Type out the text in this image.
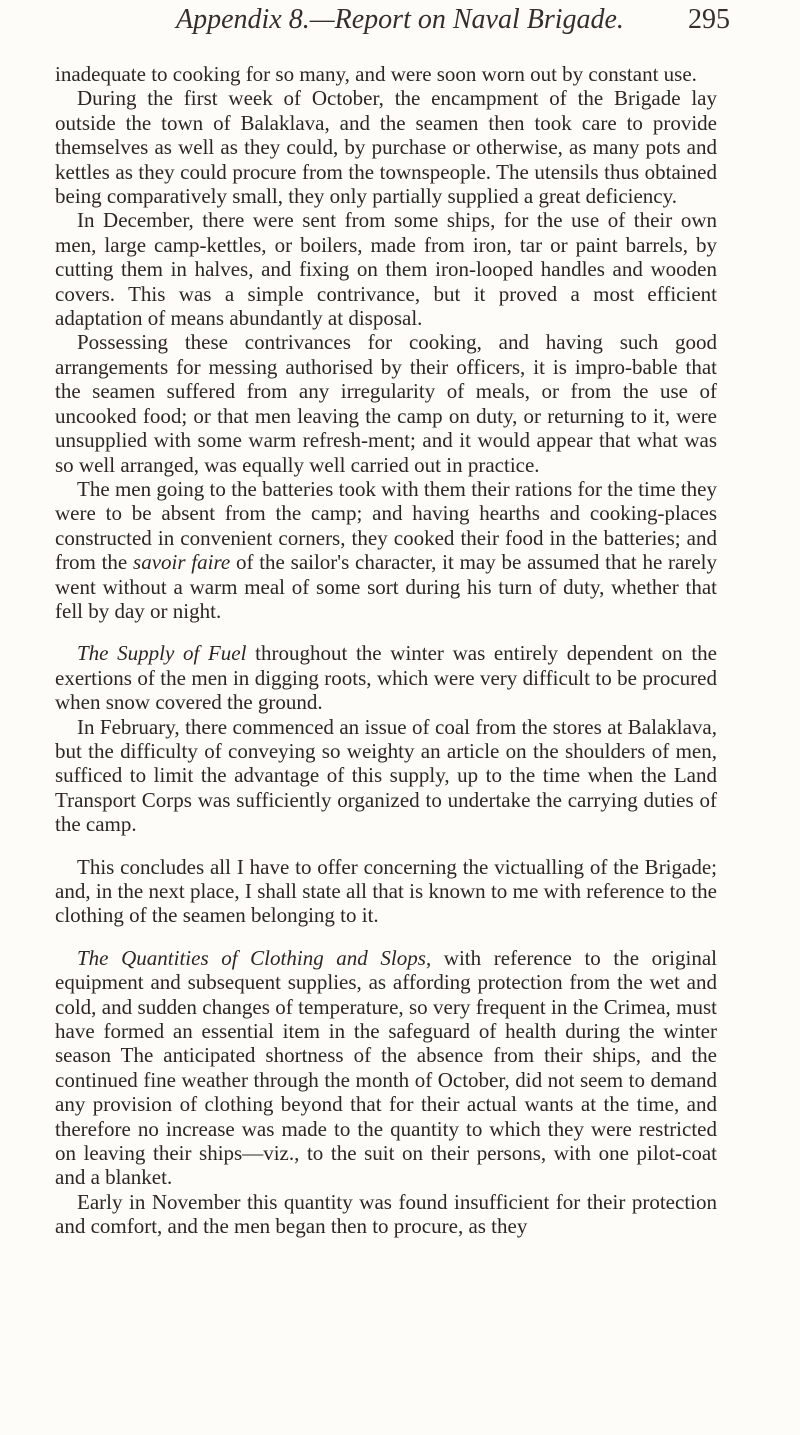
Appendix 8.—Report on Naval Brigade. 295

inadequate to cooking for so many, and were soon worn out by constant use.

During the first week of October, the encampment of the Brigade lay outside the town of Balaklava, and the seamen then took care to provide themselves as well as they could, by purchase or otherwise, as many pots and kettles as they could procure from the townspeople. The utensils thus obtained being comparatively small, they only partially supplied a great deficiency.

In December, there were sent from some ships, for the use of their own men, large camp-kettles, or boilers, made from iron, tar or paint barrels, by cutting them in halves, and fixing on them iron-looped handles and wooden covers. This was a simple contrivance, but it proved a most efficient adaptation of means abundantly at disposal.

Possessing these contrivances for cooking, and having such good arrangements for messing authorised by their officers, it is impro-bable that the seamen suffered from any irregularity of meals, or from the use of uncooked food; or that men leaving the camp on duty, or returning to it, were unsupplied with some warm refresh-ment; and it would appear that what was so well arranged, was equally well carried out in practice.

The men going to the batteries took with them their rations for the time they were to be absent from the camp; and having hearths and cooking-places constructed in convenient corners, they cooked their food in the batteries; and from the savoir faire of the sailor's character, it may be assumed that he rarely went without a warm meal of some sort during his turn of duty, whether that fell by day or night.

The Supply of Fuel throughout the winter was entirely dependent on the exertions of the men in digging roots, which were very difficult to be procured when snow covered the ground.

In February, there commenced an issue of coal from the stores at Balaklava, but the difficulty of conveying so weighty an article on the shoulders of men, sufficed to limit the advantage of this supply, up to the time when the Land Transport Corps was sufficiently organized to undertake the carrying duties of the camp.

This concludes all I have to offer concerning the victualling of the Brigade; and, in the next place, I shall state all that is known to me with reference to the clothing of the seamen belonging to it.

The Quantities of Clothing and Slops, with reference to the original equipment and subsequent supplies, as affording protection from the wet and cold, and sudden changes of temperature, so very frequent in the Crimea, must have formed an essential item in the safeguard of health during the winter season The anticipated shortness of the absence from their ships, and the continued fine weather through the month of October, did not seem to demand any provision of clothing beyond that for their actual wants at the time, and therefore no increase was made to the quantity to which they were restricted on leaving their ships—viz., to the suit on their persons, with one pilot-coat and a blanket.

Early in November this quantity was found insufficient for their protection and comfort, and the men began then to procure, as they
